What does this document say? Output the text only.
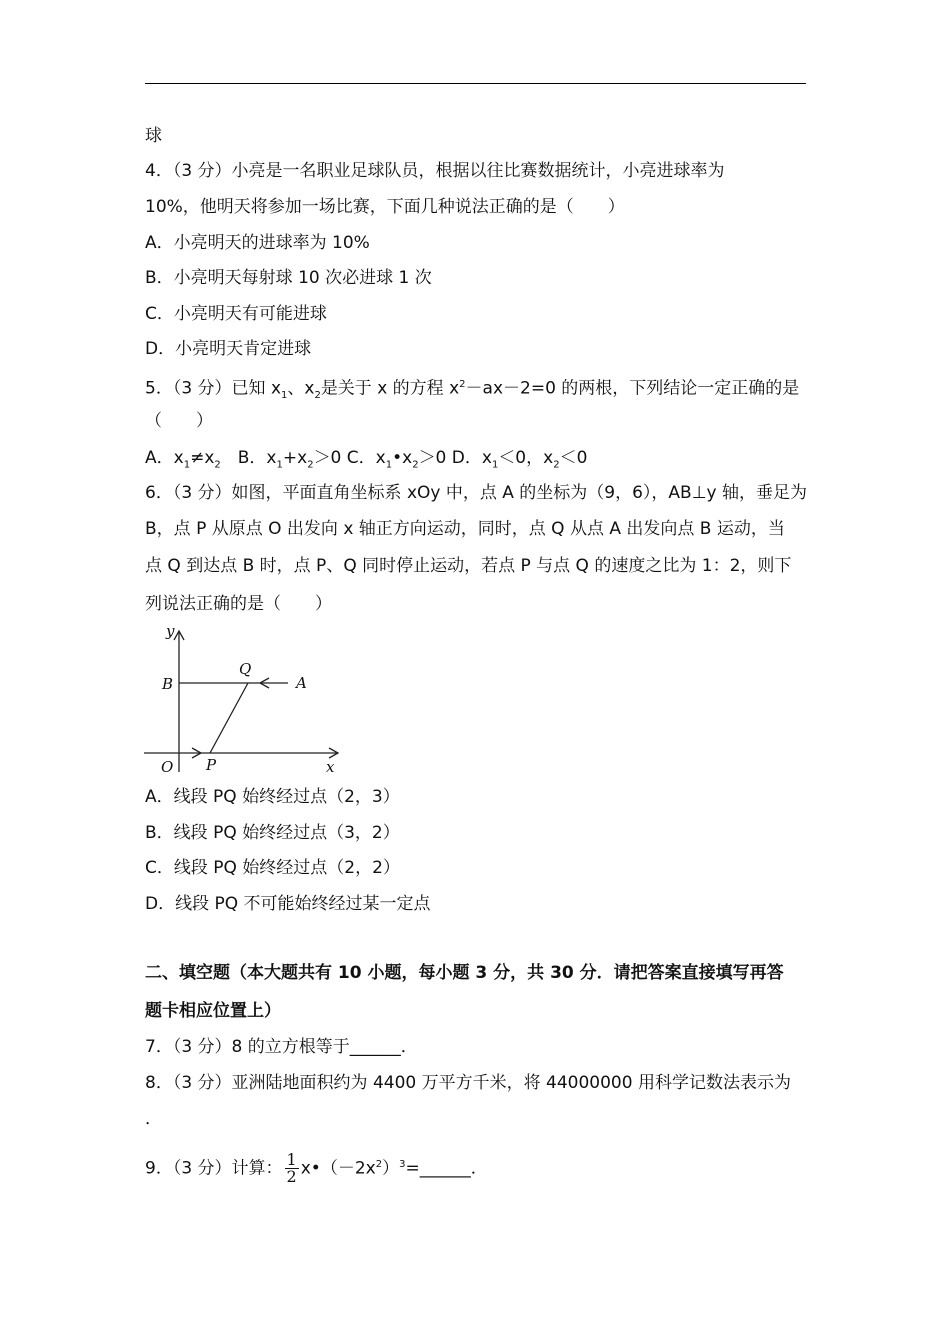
球
4．（3 分）小亮是一名职业足球队员，根据以往比赛数据统计，小亮进球率为
10%，他明天将参加一场比赛，下面几种说法正确的是（　　）
A．小亮明天的进球率为 10%
B．小亮明天每射球 10 次必进球 1 次
C．小亮明天有可能进球
D．小亮明天肯定进球
5．（3 分）已知 $x_1$、$x_2$是关于 x 的方程 $x^2-ax-2=0$ 的两根，下列结论一定正确的是
（　　）
A．$x_1\ne x_2$　B．$x_1+x_2>0$ C．$x_1•x_2>0$ D．$x_1<0$，$x_2<0$
6．（3 分）如图，平面直角坐标系 xOy 中，点 A 的坐标为（9，6），AB⊥y 轴，垂足为
B，点 P 从原点 O 出发向 x 轴正方向运动，同时，点 Q 从点 A 出发向点 B 运动，当
点 Q 到达点 B 时，点 P、Q 同时停止运动，若点 P 与点 Q 的速度之比为 1：2，则下
列说法正确的是（　　）
y
Q
B	A
O P	x
A．线段 PQ 始终经过点（2，3）
B．线段 PQ 始终经过点（3，2）
C．线段 PQ 始终经过点（2，2）
D．线段 PQ 不可能始终经过某一定点
二、填空题（本大题共有 10 小题，每小题 3 分，共 30 分．请把答案直接填写再答
题卡相应位置上）
7．（3 分）8 的立方根等于______．
8．（3 分）亚洲陆地面积约为 4400 万平方千米，将 44000000 用科学记数法表示为
．
9．（3 分）计算： $\frac{1}{2}$ $x•(-2x^2)^3=\_\_\_\_\_\_$．
